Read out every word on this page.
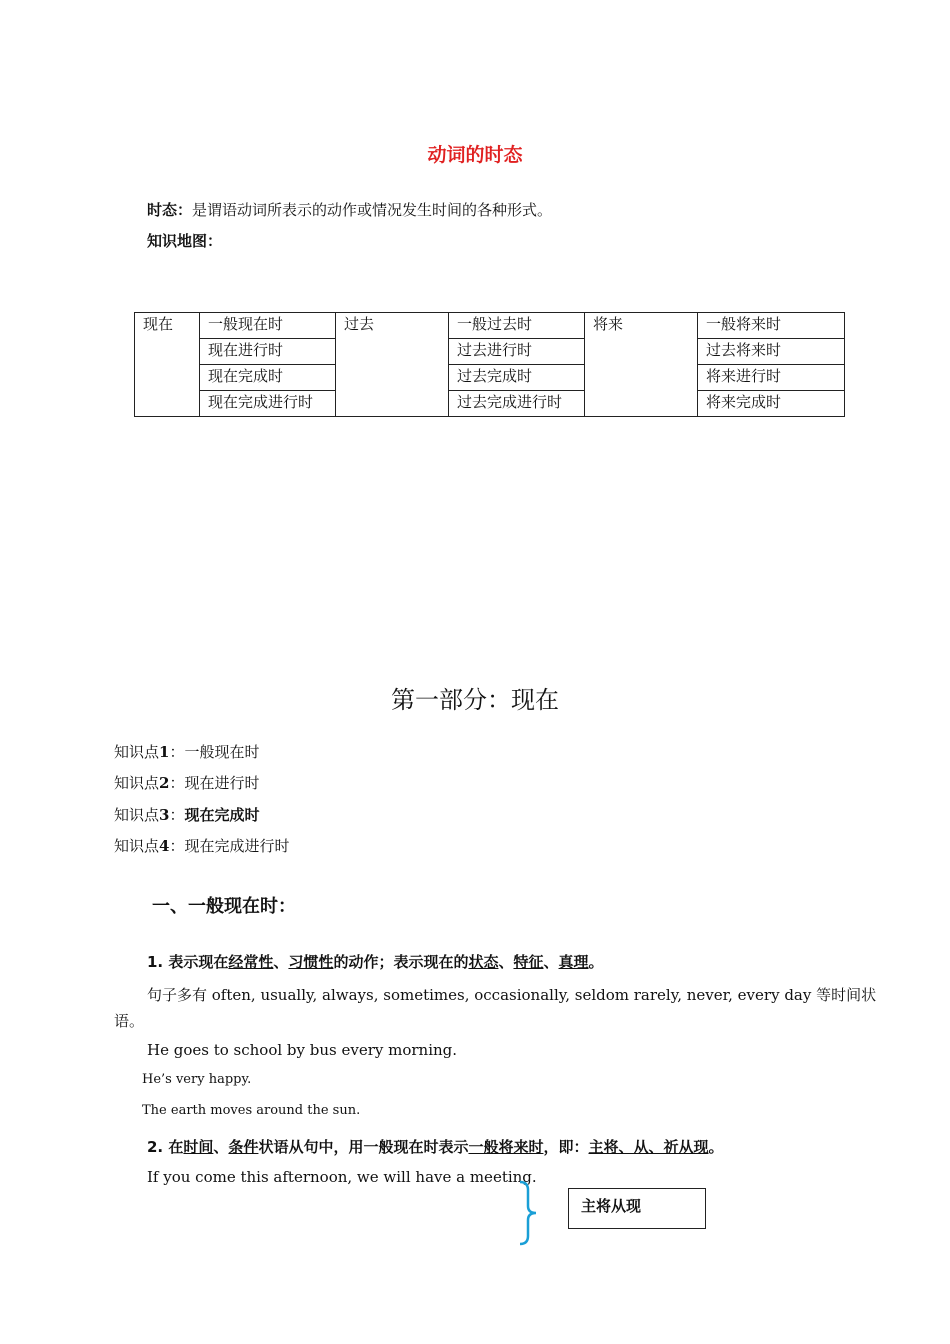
动词的时态
时态：是谓语动词所表示的动作或情况发生时间的各种形式。
知识地图：
现在	一般现在时	过去	一般过去时	将来	一般将来时
	现在进行时		过去进行时		过去将来时
	现在完成时		过去完成时		将来进行时
	现在完成进行时		过去完成进行时		将来完成时
第一部分：现在
知识点1：一般现在时
知识点2：现在进行时
知识点3：现在完成时
知识点4：现在完成进行时
一、一般现在时：
1. 表示现在经常性、习惯性的动作；表示现在的状态、特征、真理。
句子多有 often, usually, always, sometimes, occasionally, seldom rarely, never, every day 等时间状
语。
He goes to school by bus every morning.
He’s very happy.
The earth moves around the sun.
2. 在时间、条件状语从句中，用一般现在时表示一般将来时，即：主将、从、祈从现。
If you come this afternoon, we will have a meeting.
主将从现
